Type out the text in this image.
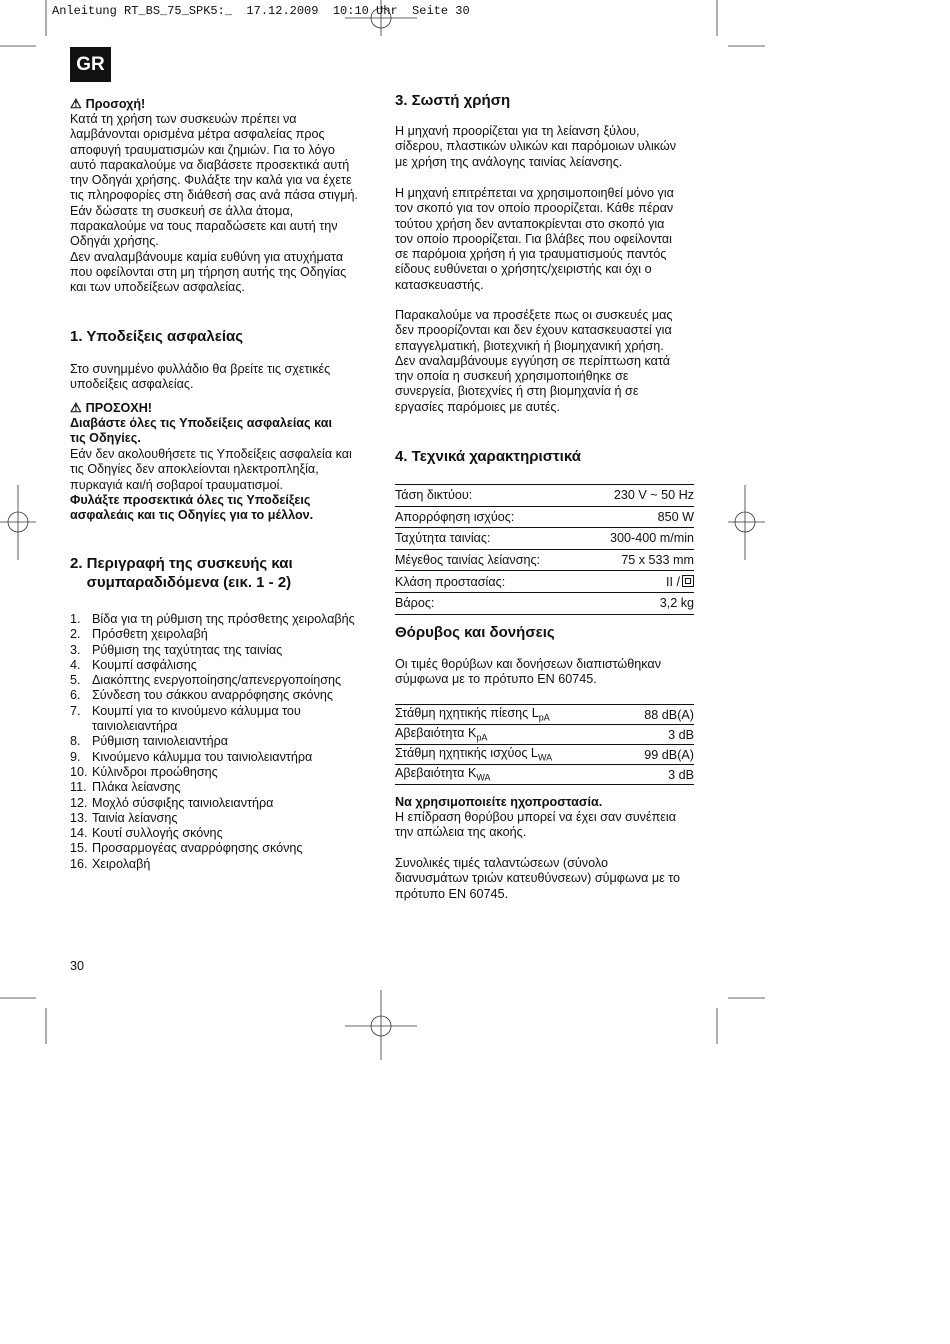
Anleitung RT_BS_75_SPK5:_  17.12.2009  10:10 Uhr  Seite 30
GR
⚠ Προσοχή!
Κατά τη χρήση των συσκευών πρέπει να
λαμβάνονται ορισμένα μέτρα ασφαλείας προς
αποφυγή τραυματισμών και ζημιών. Για το λόγο
αυτό παρακαλούμε να διαβάσετε προσεκτικά αυτή
την Οδηγάι χρήσης. Φυλάξτε την καλά για να έχετε
τις πληροφορίες στη διάθεσή σας ανά πάσα στιγμή.
Εάν δώσατε τη συσκευή σε άλλα άτομα,
παρακαλούμε να τους παραδώσετε και αυτή την
Οδηγάι χρήσης.
Δεν αναλαμβάνουμε καμία ευθύνη για ατυχήματα
που οφείλονται στη μη τήρηση αυτής της Οδηγίας
και των υποδείξεων ασφαλείας.
1. Υποδείξεις ασφαλείας
Στο συνημμένο φυλλάδιο θα βρείτε τις σχετικές
υποδείξεις ασφαλείας.
⚠ ΠΡΟΣΟΧΗ!
Διαβάστε όλες τις Υποδείξεις ασφαλείας και
τις Οδηγίες.
Εάν δεν ακολουθήσετε τις Υποδείξεις ασφαλεία και
τις Οδηγίες δεν αποκλείονται ηλεκτροπληξία,
πυρκαγιά και/ή σοβαροί τραυματισμοί.
Φυλάξτε προσεκτικά όλες τις Υποδείξεις
ασφαλεάις και τις Οδηγίες για το μέλλον.
2. Περιγραφή της συσκευής και
συμπαραδιδόμενα (εικ. 1 - 2)
1. Βίδα για τη ρύθμιση της πρόσθετης χειρολαβής
2. Πρόσθετη χειρολαβή
3. Ρύθμιση της ταχύτητας της ταινίας
4. Κουμπί ασφάλισης
5. Διακόπτης ενεργοποίησης/απενεργοποίησης
6. Σύνδεση του σάκκου αναρρόφησης σκόνης
7. Κουμπί για το κινούμενο κάλυμμα του
ταινιολειαντήρα
8. Ρύθμιση ταινιολειαντήρα
9. Κινούμενο κάλυμμα του ταινιολειαντήρα
10. Κύλινδροι προώθησης
11. Πλάκα λείανσης
12. Μοχλό σύσφιξης ταινιολειαντήρα
13. Ταινία λείανσης
14. Κουτί συλλογής σκόνης
15. Προσαρμογέας αναρρόφησης σκόνης
16. Χειρολαβή
30
3. Σωστή χρήση
Η μηχανή προορίζεται για τη λείανση ξύλου,
σίδερου, πλαστικών υλικών και παρόμοιων υλικών
με χρήση της ανάλογης ταινίας λείανσης.
Η μηχανή επιτρέπεται να χρησιμοποιηθεί μόνο για
τον σκοπό για τον οποίο προορίζεται. Κάθε πέραν
τούτου χρήση δεν ανταποκρίενται στο σκοπό για
τον οποίο προορίζεται. Για βλάβες που οφείλονται
σε παρόμοια χρήση ή για τραυματισμούς παντός
είδους ευθύνεται ο χρήσητς/χειριστής και όχι ο
κατασκευαστής.
Παρακαλούμε να προσέξετε πως οι συσκευές μας
δεν προορίζονται και δεν έχουν κατασκευαστεί για
επαγγελματική, βιοτεχνική ή βιομηχανική χρήση.
Δεν αναλαμβάνουμε εγγύηση σε περίπτωση κατά
την οποία η συσκευή χρησιμοποιήθηκε σε
συνεργεία, βιοτεχνίες ή στη βιομηχανία ή σε
εργασίες παρόμοιες με αυτές.
4. Τεχνικά χαρακτηριστικά
Τάση δικτύου:	230 V ~ 50 Hz
Απορρόφηση ισχύος:	850 W
Ταχύτητα ταινίας:	300-400 m/min
Μέγεθος ταινίας λείανσης:	75 x 533 mm
Κλάση προστασίας:	II /
Βάρος:	3,2 kg
Θόρυβος και δονήσεις
Οι τιμές θορύβων και δονήσεων διαπιστώθηκαν
σύμφωνα με το πρότυπο EN 60745.
Στάθμη ηχητικής πίεσης $L_{pA}$	88 dB(A)
Αβεβαιότητα $K_{pA}$	3 dB
Στάθμη ηχητικής ισχύος $L_{WA}$	99 dB(A)
Αβεβαιότητα $K_{WA}$	3 dB
Να χρησιμοποιείτε ηχοπροστασία.
Η επίδραση θορύβου μπορεί να έχει σαν συνέπεια
την απώλεια της ακοής.
Συνολικές τιμές ταλαντώσεων (σύνολο
διανυσμάτων τριών κατευθύνσεων) σύμφωνα με το
πρότυπο EN 60745.
